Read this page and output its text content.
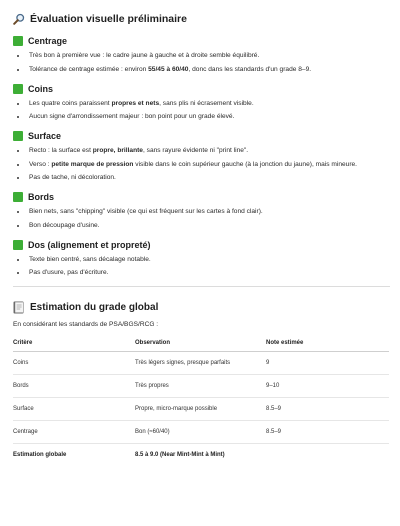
Évaluation visuelle préliminaire
Centrage
Très bon à première vue : le cadre jaune à gauche et à droite semble équilibré.
Tolérance de centrage estimée : environ 55/45 à 60/40, donc dans les standards d'un grade 8–9.
Coins
Les quatre coins paraissent propres et nets, sans plis ni écrasement visible.
Aucun signe d'arrondissement majeur : bon point pour un grade élevé.
Surface
Recto : la surface est propre, brillante, sans rayure évidente ni "print line".
Verso : petite marque de pression visible dans le coin supérieur gauche (à la jonction du jaune), mais mineure.
Pas de tache, ni décoloration.
Bords
Bien nets, sans "chipping" visible (ce qui est fréquent sur les cartes à fond clair).
Bon découpage d'usine.
Dos (alignement et propreté)
Texte bien centré, sans décalage notable.
Pas d'usure, pas d'écriture.
Estimation du grade global
En considérant les standards de PSA/BGS/RCG :
Critère	Observation	Note estimée
Coins	Très légers signes, presque parfaits	9
Bords	Très propres	9–10
Surface	Propre, micro-marque possible	8.5–9
Centrage	Bon (≈60/40)	8.5–9
Estimation globale	8.5 à 9.0 (Near Mint-Mint à Mint)	
